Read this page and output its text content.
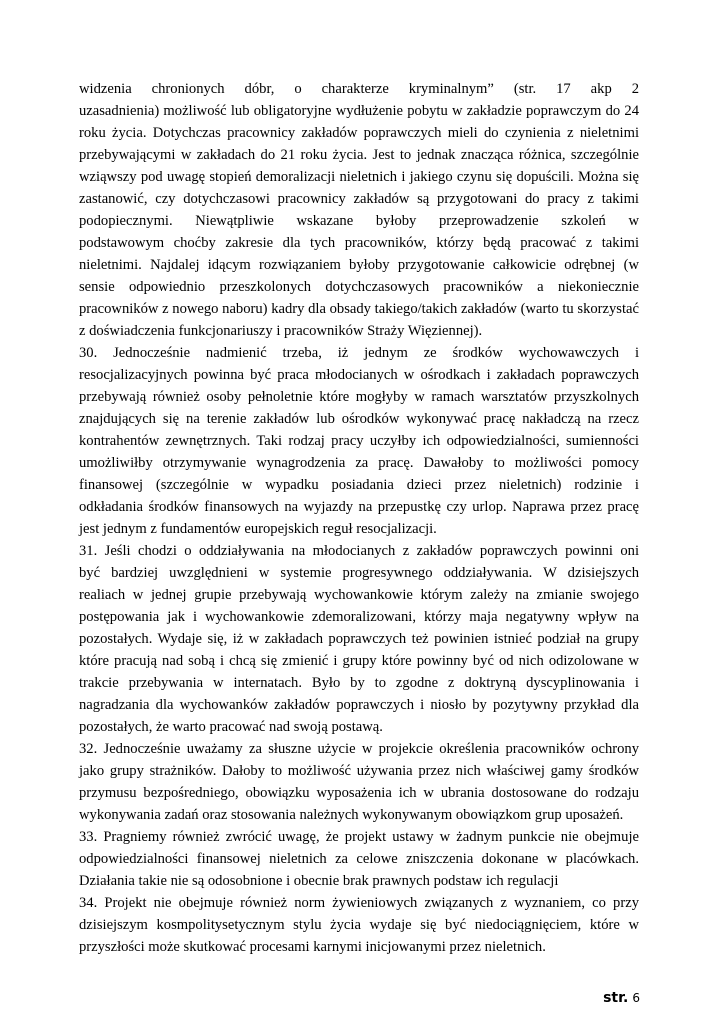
widzenia chronionych dóbr, o charakterze kryminalnym” (str. 17 akp 2
uzasadnienia) możliwość lub obligatoryjne wydłużenie pobytu w zakładzie poprawczym do 24
roku życia. Dotychczas pracownicy zakładów poprawczych mieli do czynienia z nieletnimi
przebywającymi w zakładach do 21 roku życia. Jest to jednak znacząca różnica, szczególnie
wziąwszy pod uwagę stopień demoralizacji nieletnich i jakiego czynu się dopuścili. Można się
zastanowić, czy dotychczasowi pracownicy zakładów są przygotowani do pracy z takimi
podopiecznymi. Niewątpliwie wskazane byłoby przeprowadzenie szkoleń w
podstawowym choćby zakresie dla tych pracowników, którzy będą pracować z takimi
nieletnimi. Najdalej idącym rozwiązaniem byłoby przygotowanie całkowicie odrębnej (w
sensie odpowiednio przeszkolonych dotychczasowych pracowników a niekoniecznie
pracowników z nowego naboru) kadry dla obsady takiego/takich zakładów (warto tu skorzystać
z doświadczenia funkcjonariuszy i pracowników Straży Więziennej).
30. Jednocześnie nadmienić trzeba, iż jednym ze środków wychowawczych i
resocjalizacyjnych powinna być praca młodocianych w ośrodkach i zakładach poprawczych
przebywają również osoby pełnoletnie które mogłyby w ramach warsztatów przyszkolnych
znajdujących się na terenie zakładów lub ośrodków wykonywać pracę nakładczą na rzecz
kontrahentów zewnętrznych. Taki rodzaj pracy uczyłby ich odpowiedzialności, sumienności
umożliwiłby otrzymywanie wynagrodzenia za pracę. Dawałoby to możliwości pomocy
finansowej (szczególnie w wypadku posiadania dzieci przez nieletnich) rodzinie i
odkładania środków finansowych na wyjazdy na przepustkę czy urlop. Naprawa przez pracę
jest jednym z fundamentów europejskich reguł resocjalizacji.
31. Jeśli chodzi o oddziaływania na młodocianych z zakładów poprawczych powinni oni
być bardziej uwzględnieni w systemie progresywnego oddziaływania. W dzisiejszych
realiach w jednej grupie przebywają wychowankowie którym zależy na zmianie swojego
postępowania jak i wychowankowie zdemoralizowani, którzy maja negatywny wpływ na
pozostałych. Wydaje się, iż w zakładach poprawczych też powinien istnieć podział na grupy
które pracują nad sobą i chcą się zmienić i grupy które powinny być od nich odizolowane w
trakcie przebywania w internatach. Było by to zgodne z doktryną dyscyplinowania i
nagradzania dla wychowanków zakładów poprawczych i niosło by pozytywny przykład dla
pozostałych, że warto pracować nad swoją postawą.
32. Jednocześnie uważamy za słuszne użycie w projekcie określenia pracowników ochrony
jako grupy strażników. Dałoby to możliwość używania przez nich właściwej gamy środków
przymusu bezpośredniego, obowiązku wyposażenia ich w ubrania dostosowane do rodzaju
wykonywania zadań oraz stosowania należnych wykonywanym obowiązkom grup uposażeń.
33. Pragniemy również zwrócić uwagę, że projekt ustawy w żadnym punkcie nie obejmuje
odpowiedzialności finansowej nieletnich za celowe zniszczenia dokonane w placówkach.
Działania takie nie są odosobnione i obecnie brak prawnych podstaw ich regulacji
34. Projekt nie obejmuje również norm żywieniowych związanych z wyznaniem, co przy
dzisiejszym kosmpolitysetycznym stylu życia wydaje się być niedociągnięciem, które w
przyszłości może skutkować procesami karnymi inicjowanymi przez nieletnich.
str. 6
